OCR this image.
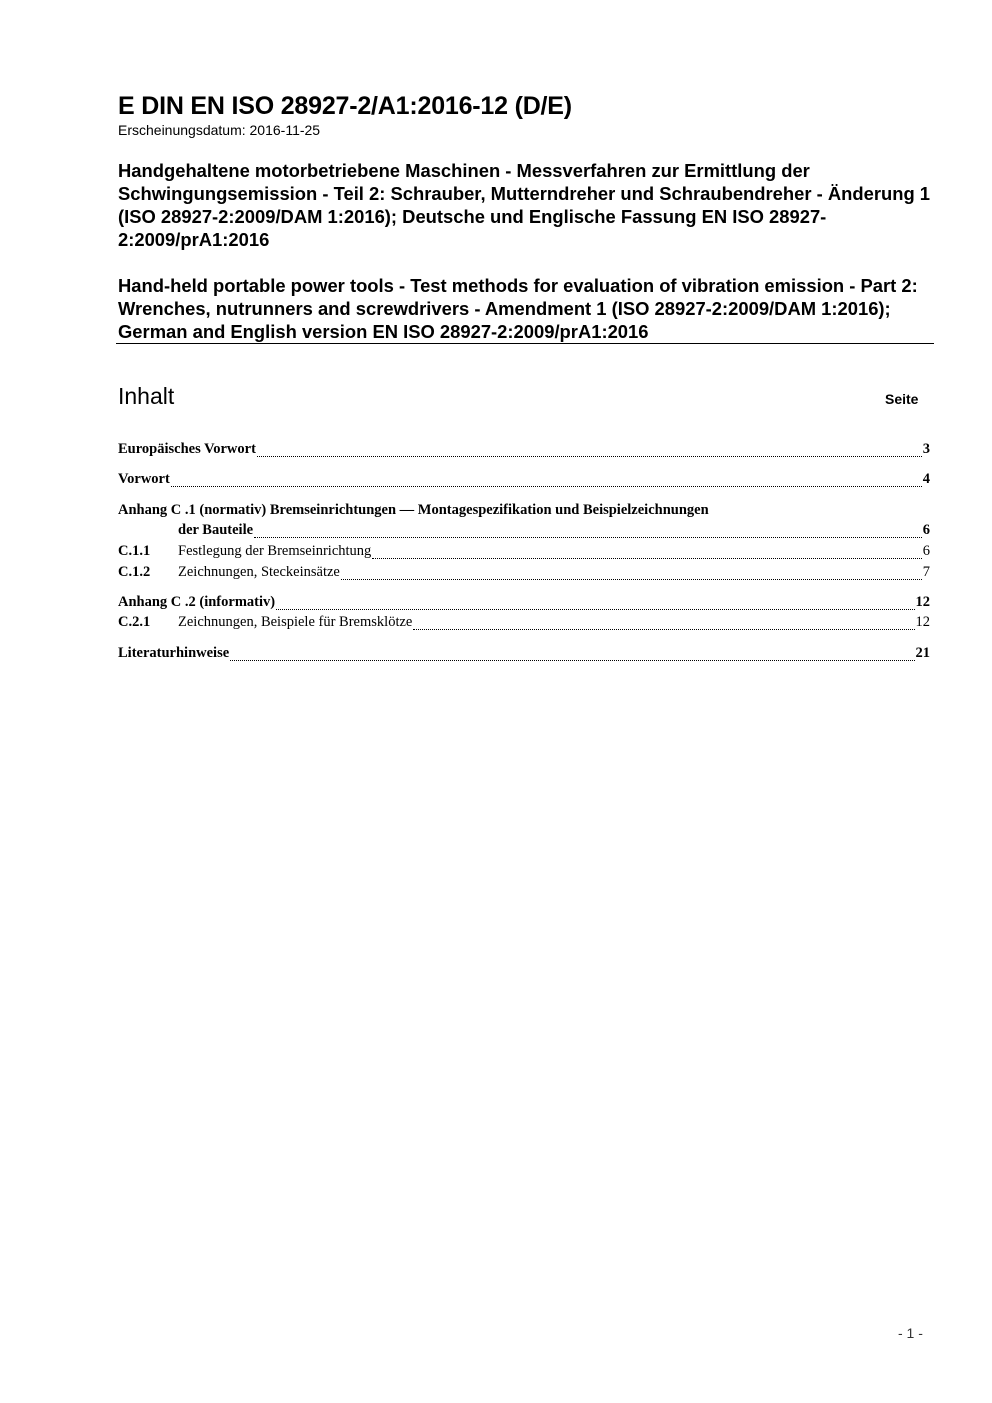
E DIN EN ISO 28927-2/A1:2016-12 (D/E)
Erscheinungsdatum: 2016-11-25
Handgehaltene motorbetriebene Maschinen - Messverfahren zur Ermittlung der Schwingungsemission - Teil 2: Schrauber, Mutterndreher und Schraubendreher - Änderung 1 (ISO 28927-2:2009/DAM 1:2016); Deutsche und Englische Fassung EN ISO 28927-2:2009/prA1:2016
Hand-held portable power tools - Test methods for evaluation of vibration emission - Part 2: Wrenches, nutrunners and screwdrivers - Amendment 1 (ISO 28927-2:2009/DAM 1:2016); German and English version EN ISO 28927-2:2009/prA1:2016
Inhalt	Seite
Europäisches Vorwort	3
Vorwort	4
Anhang C .1 (normativ) Bremseinrichtungen — Montagespezifikation und Beispielzeichnungen
der Bauteile	6
C.1.1	Festlegung der Bremseinrichtung	6
C.1.2	Zeichnungen, Steckeinsätze	7
Anhang C .2 (informativ)	12
C.2.1	Zeichnungen, Beispiele für Bremsklötze	12
Literaturhinweise	21
- 1 -
